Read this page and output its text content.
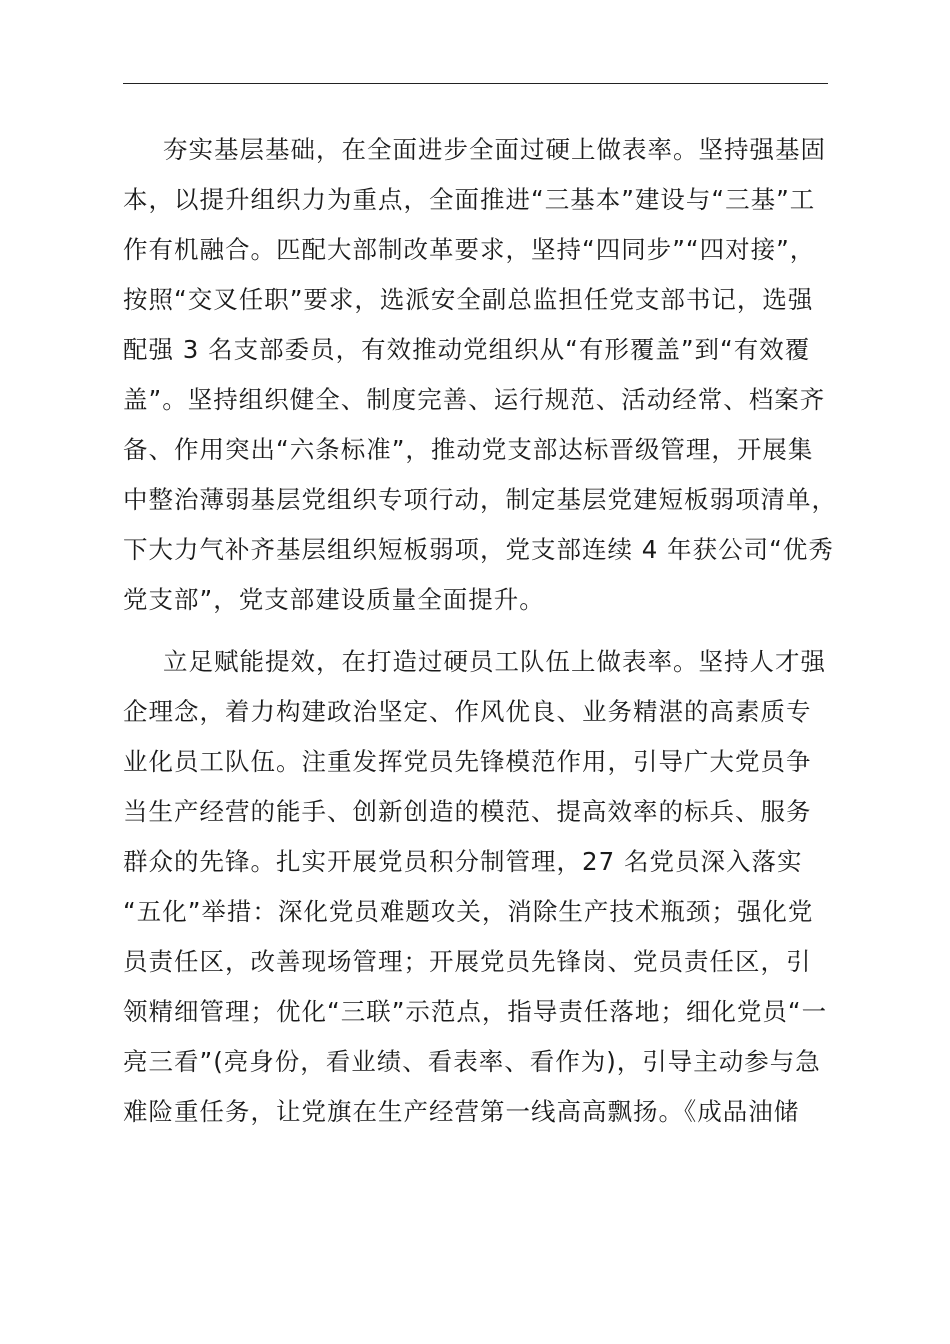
夯实基层基础，在全面进步全面过硬上做表率。坚持强基固
本，以提升组织力为重点，全面推进“三基本”建设与“三基”工
作有机融合。匹配大部制改革要求，坚持“四同步”“四对接”，
按照“交叉任职”要求，选派安全副总监担任党支部书记，选强
配强 3 名支部委员，有效推动党组织从“有形覆盖”到“有效覆
盖”。坚持组织健全、制度完善、运行规范、活动经常、档案齐
备、作用突出“六条标准”，推动党支部达标晋级管理，开展集
中整治薄弱基层党组织专项行动，制定基层党建短板弱项清单，
下大力气补齐基层组织短板弱项，党支部连续 4 年获公司“优秀
党支部”，党支部建设质量全面提升。
立足赋能提效，在打造过硬员工队伍上做表率。坚持人才强
企理念，着力构建政治坚定、作风优良、业务精湛的高素质专
业化员工队伍。注重发挥党员先锋模范作用，引导广大党员争
当生产经营的能手、创新创造的模范、提高效率的标兵、服务
群众的先锋。扎实开展党员积分制管理，27 名党员深入落实
“五化”举措：深化党员难题攻关，消除生产技术瓶颈；强化党
员责任区，改善现场管理；开展党员先锋岗、党员责任区，引
领精细管理；优化“三联”示范点，指导责任落地；细化党员“一
亮三看”(亮身份，看业绩、看表率、看作为)，引导主动参与急
难险重任务，让党旗在生产经营第一线高高飘扬。《成品油储
